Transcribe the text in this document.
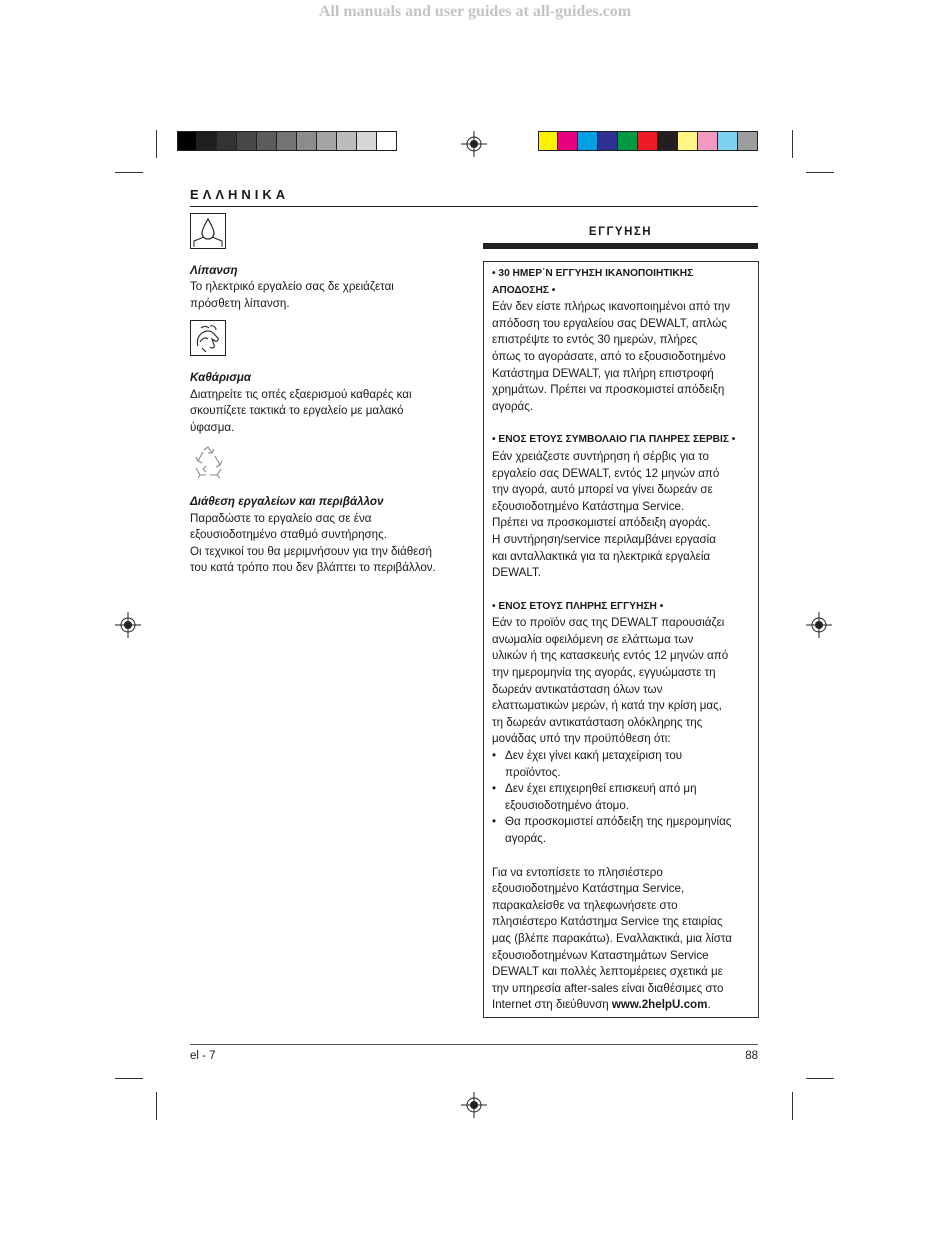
All manuals and user guides at all-guides.com
ΕΛΛΗΝΙΚΑ

Λίπανση

Το ηλεκτρικό εργαλείο σας δε χρειάζεται
πρόσθετη λίπανση.

Καθάρισμα

Διατηρείτε τις οπές εξαερισμού καθαρές και
σκουπίζετε τακτικά το εργαλείο με μαλακό
ύφασμα.

Διάθεση εργαλείων και περιβάλλον

Παραδώστε το εργαλείο σας σε ένα
εξουσιοδοτημένο σταθμό συντήρησης.
Οι τεχνικοί του θα μεριμνήσουν για την διάθεσή
του κατά τρόπο που δεν βλάπτει το περιβάλλον.

ΕΓΓΥΗΣΗ

• 30 ΗΜΕΡ΄Ν ΕΓΓΥΗΣΗ ΙΚΑΝΟΠΟΙΗΤΙΚΗΣ
ΑΠΟΔΟΣΗΣ •

Εάν δεν είστε πλήρως ικανοποιημένοι από την
απόδοση του εργαλείου σας DEWALT, απλώς
επιστρέψτε το εντός 30 ημερών, πλήρες
όπως το αγοράσατε, από το εξουσιοδοτημένο
Κατάστημα DEWALT, για πλήρη επιστροφή
χρημάτων. Πρέπει να προσκομιστεί απόδειξη
αγοράς.

• ΕΝΟΣ ΕΤΟΥΣ ΣΥΜΒΟΛΑΙΟ ΓΙΑ ΠΛΗΡΕΣ ΣΕΡΒΙΣ •

Εάν χρειάζεστε συντήρηση ή σέρβις για το
εργαλείο σας DEWALT, εντός 12 μηνών από
την αγορά, αυτό μπορεί να γίνει δωρεάν σε
εξουσιοδοτημένο Κατάστημα Service.
Πρέπει να προσκομιστεί απόδειξη αγοράς.
Η συντήρηση/service περιλαμβάνει εργασία
και ανταλλακτικά για τα ηλεκτρικά εργαλεία
DEWALT.

• ΕΝΟΣ ΕΤΟΥΣ ΠΛΗΡΗΣ ΕΓΓΥΗΣΗ •

Εάν το προϊόν σας της DEWALT παρουσιάζει
ανωμαλία οφειλόμενη σε ελάττωμα των
υλικών ή της κατασκευής εντός 12 μηνών από
την ημερομηνία της αγοράς, εγγυώμαστε τη
δωρεάν αντικατάσταση όλων των
ελαττωματικών μερών, ή κατά την κρίση μας,
τη δωρεάν αντικατάσταση ολόκληρης της
μονάδας υπό την προϋπόθεση ότι:

• Δεν έχει γίνει κακή μεταχείριση του
προϊόντος.
• Δεν έχει επιχειρηθεί επισκευή από μη
εξουσιοδοτημένο άτομο.
• Θα προσκομιστεί απόδειξη της ημερομηνίας
αγοράς.

Για να εντοπίσετε το πλησιέστερο
εξουσιοδοτημένο Κατάστημα Service,
παρακαλείσθε να τηλεφωνήσετε στο
πλησιέστερο Κατάστημα Service της εταιρίας
μας (βλέπε παρακάτω). Εναλλακτικά, μια λίστα
εξουσιοδοτημένων Καταστημάτων Service
DEWALT και πολλές λεπτομέρειες σχετικά με
την υπηρεσία after-sales είναι διαθέσιμες στο
Internet στη διεύθυνση www.2helpU.com.

el - 7	88
